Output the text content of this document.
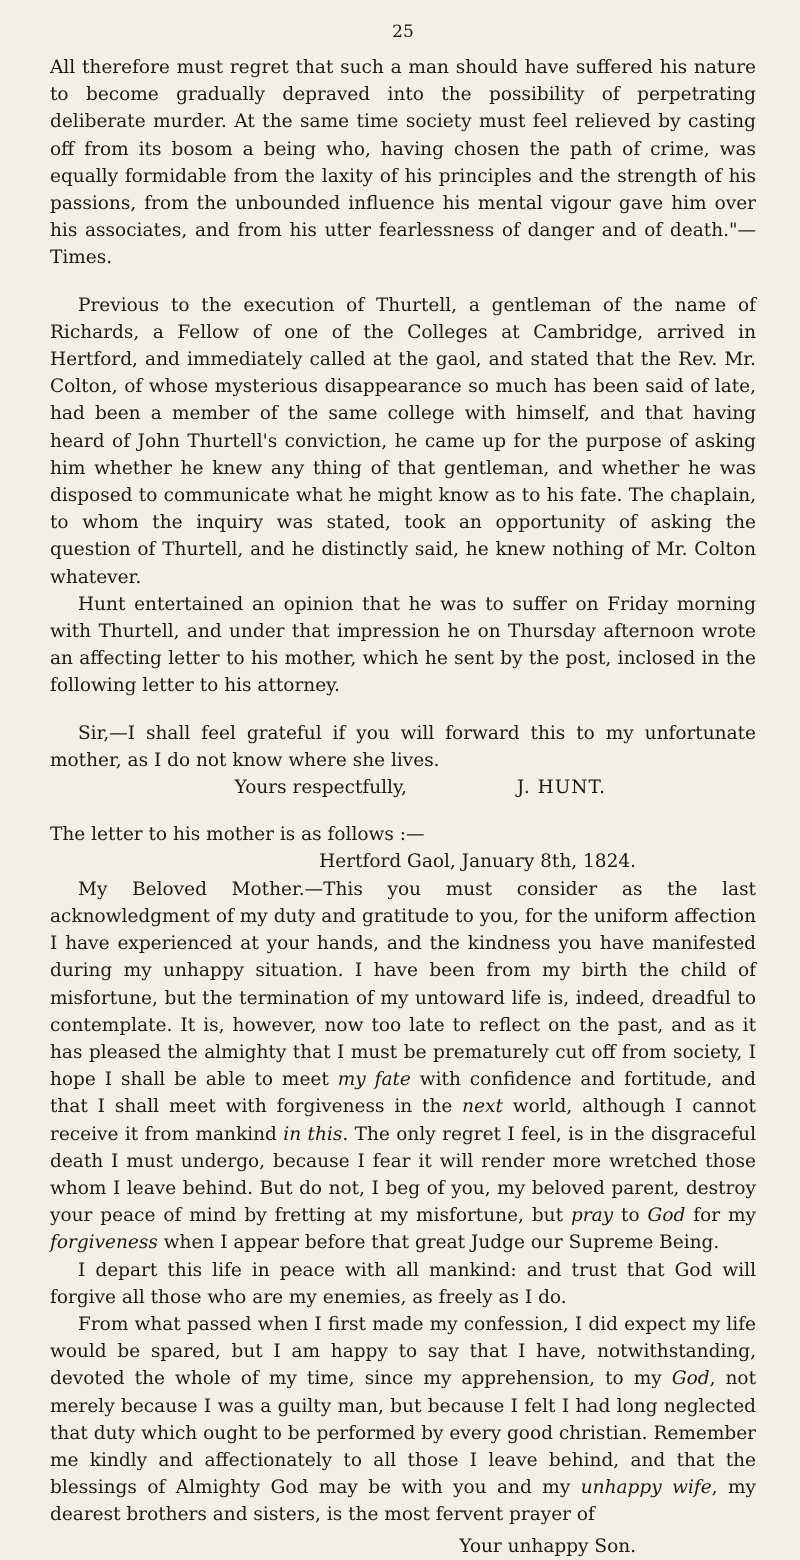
25

All therefore must regret that such a man should have suffered his nature to become gradually depraved into the possibility of perpetrating deliberate murder. At the same time society must feel relieved by casting off from its bosom a being who, having chosen the path of crime, was equally formidable from the laxity of his principles and the strength of his passions, from the unbounded influence his mental vigour gave him over his associates, and from his utter fearlessness of danger and of death."—Times.

Previous to the execution of Thurtell, a gentleman of the name of Richards, a Fellow of one of the Colleges at Cambridge, arrived in Hertford, and immediately called at the gaol, and stated that the Rev. Mr. Colton, of whose mysterious disappearance so much has been said of late, had been a member of the same college with himself, and that having heard of John Thurtell's conviction, he came up for the purpose of asking him whether he knew any thing of that gentleman, and whether he was disposed to communicate what he might know as to his fate. The chaplain, to whom the inquiry was stated, took an opportunity of asking the question of Thurtell, and he distinctly said, he knew nothing of Mr. Colton whatever.

Hunt entertained an opinion that he was to suffer on Friday morning with Thurtell, and under that impression he on Thursday afternoon wrote an affecting letter to his mother, which he sent by the post, inclosed in the following letter to his attorney.

Sir,—I shall feel grateful if you will forward this to my unfortunate mother, as I do not know where she lives.

Yours respectfully,	J. HUNT.

The letter to his mother is as follows :—

Hertford Gaol, January 8th, 1824.

My Beloved Mother.—This you must consider as the last acknowledgment of my duty and gratitude to you, for the uniform affection I have experienced at your hands, and the kindness you have manifested during my unhappy situation. I have been from my birth the child of misfortune, but the termination of my untoward life is, indeed, dreadful to contemplate. It is, however, now too late to reflect on the past, and as it has pleased the almighty that I must be prematurely cut off from society, I hope I shall be able to meet my fate with confidence and fortitude, and that I shall meet with forgiveness in the next world, although I cannot receive it from mankind in this. The only regret I feel, is in the disgraceful death I must undergo, because I fear it will render more wretched those whom I leave behind. But do not, I beg of you, my beloved parent, destroy your peace of mind by fretting at my misfortune, but pray to God for my forgiveness when I appear before that great Judge our Supreme Being.

I depart this life in peace with all mankind: and trust that God will forgive all those who are my enemies, as freely as I do.

From what passed when I first made my confession, I did expect my life would be spared, but I am happy to say that I have, notwithstanding, devoted the whole of my time, since my apprehension, to my God, not merely because I was a guilty man, but because I felt I had long neglected that duty which ought to be performed by every good christian. Remember me kindly and affectionately to all those I leave behind, and that the blessings of Almighty God may be with you and my unhappy wife, my dearest brothers and sisters, is the most fervent prayer of

Your unhappy Son.
